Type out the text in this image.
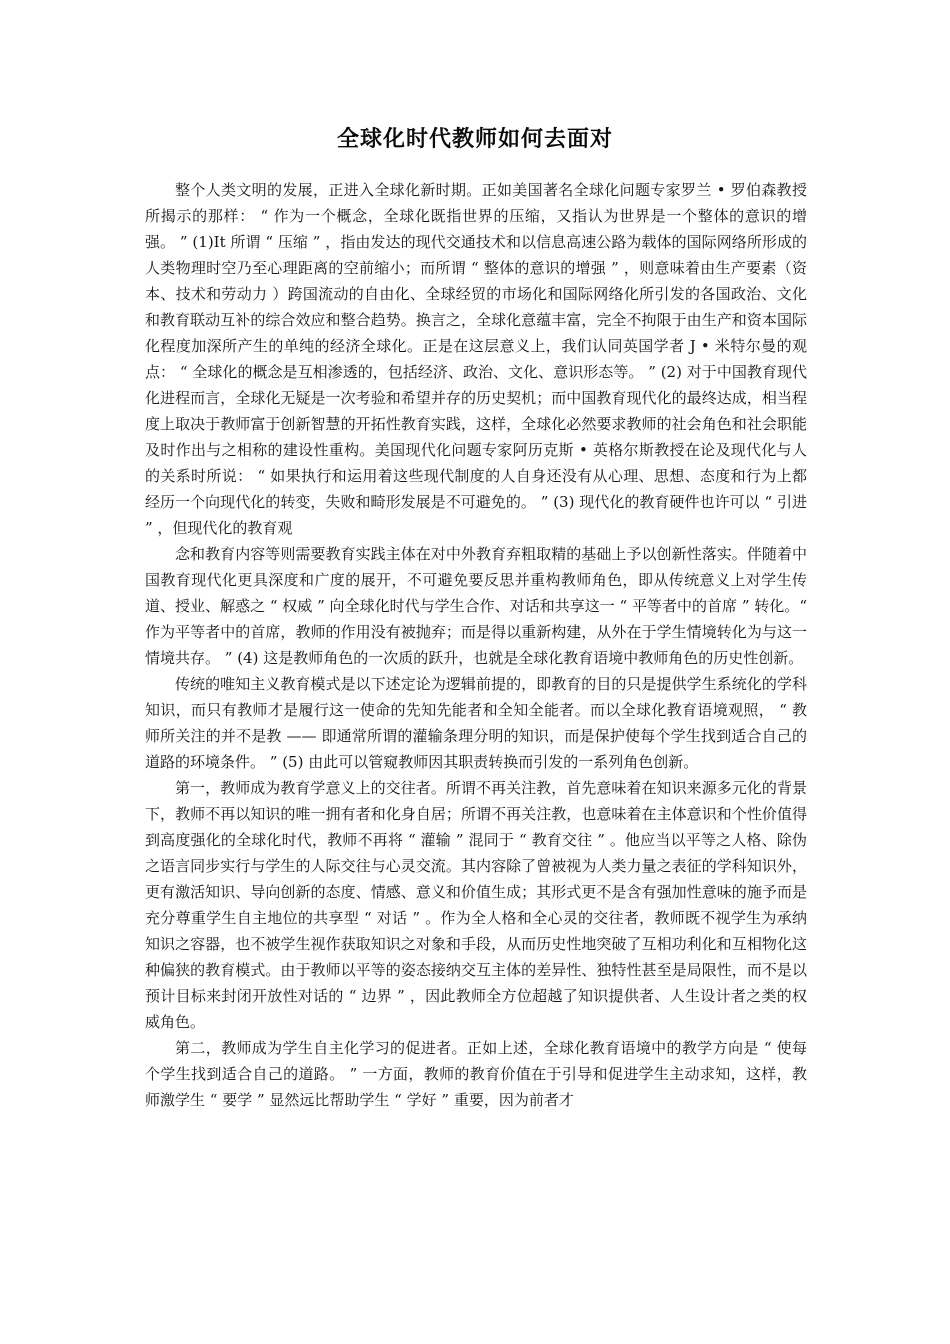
全球化时代教师如何去面对

整个人类文明的发展，正进入全球化新时期。正如美国著名全球化问题专家罗兰 • 罗伯森教授所揭示的那样： “ 作为一个概念，全球化既指世界的压缩，又指认为世界是一个整体的意识的增强。 ” (1)It 所谓 “ 压缩 ” ，指由发达的现代交通技术和以信息高速公路为载体的国际网络所形成的人类物理时空乃至心理距离的空前缩小；而所谓 “ 整体的意识的增强 ” ，则意味着由生产要素（资本、技术和劳动力 ）跨国流动的自由化、全球经贸的市场化和国际网络化所引发的各国政治、文化和教育联动互补的综合效应和整合趋势。换言之，全球化意蕴丰富，完全不拘限于由生产和资本国际化程度加深所产生的单纯的经济全球化。正是在这层意义上，我们认同英国学者 J • 米特尔曼的观点： “ 全球化的概念是互相渗透的，包括经济、政治、文化、意识形态等。 ” (2) 对于中国教育现代化进程而言，全球化无疑是一次考验和希望并存的历史契机；而中国教育现代化的最终达成，相当程度上取决于教师富于创新智慧的开拓性教育实践，这样，全球化必然要求教师的社会角色和社会职能及时作出与之相称的建设性重构。美国现代化问题专家阿历克斯 • 英格尔斯教授在论及现代化与人的关系时所说： “ 如果执行和运用着这些现代制度的人自身还没有从心理、思想、态度和行为上都经历一个向现代化的转变，失败和畸形发展是不可避免的。 ” (3) 现代化的教育硬件也许可以 “ 引进 ” ，但现代化的教育观

念和教育内容等则需要教育实践主体在对中外教育弃粗取精的基础上予以创新性落实。伴随着中国教育现代化更具深度和广度的展开，不可避免要反思并重构教师角色，即从传统意义上对学生传道、授业、解惑之 “ 权威 ” 向全球化时代与学生合作、对话和共享这一 “ 平等者中的首席 ” 转化。“ 作为平等者中的首席，教师的作用没有被抛弃；而是得以重新构建，从外在于学生情境转化为与这一情境共存。 ” (4) 这是教师角色的一次质的跃升，也就是全球化教育语境中教师角色的历史性创新。

传统的唯知主义教育模式是以下述定论为逻辑前提的，即教育的目的只是提供学生系统化的学科知识，而只有教师才是履行这一使命的先知先能者和全知全能者。而以全球化教育语境观照， “ 教师所关注的并不是教 —— 即通常所谓的灌输条理分明的知识，而是保护使每个学生找到适合自己的道路的环境条件。 ” (5) 由此可以管窥教师因其职责转换而引发的一系列角色创新。

第一，教师成为教育学意义上的交往者。所谓不再关注教，首先意味着在知识来源多元化的背景下，教师不再以知识的唯一拥有者和化身自居；所谓不再关注教，也意味着在主体意识和个性价值得到高度强化的全球化时代，教师不再将 “ 灌输 ” 混同于 “ 教育交往 ” 。他应当以平等之人格、除伪之语言同步实行与学生的人际交往与心灵交流。其内容除了曾被视为人类力量之表征的学科知识外，更有激活知识、导向创新的态度、情感、意义和价值生成；其形式更不是含有强加性意味的施予而是充分尊重学生自主地位的共享型 “ 对话 ” 。作为全人格和全心灵的交往者，教师既不视学生为承纳知识之容器，也不被学生视作获取知识之对象和手段，从而历史性地突破了互相功利化和互相物化这种偏狭的教育模式。由于教师以平等的姿态接纳交互主体的差异性、独特性甚至是局限性，而不是以预计目标来封闭开放性对话的 “ 边界 ” ，因此教师全方位超越了知识提供者、人生设计者之类的权威角色。

第二，教师成为学生自主化学习的促进者。正如上述，全球化教育语境中的教学方向是 “ 使每个学生找到适合自己的道路。 ” 一方面，教师的教育价值在于引导和促进学生主动求知，这样，教师激学生 “ 要学 ” 显然远比帮助学生 “ 学好 ” 重要，因为前者才
